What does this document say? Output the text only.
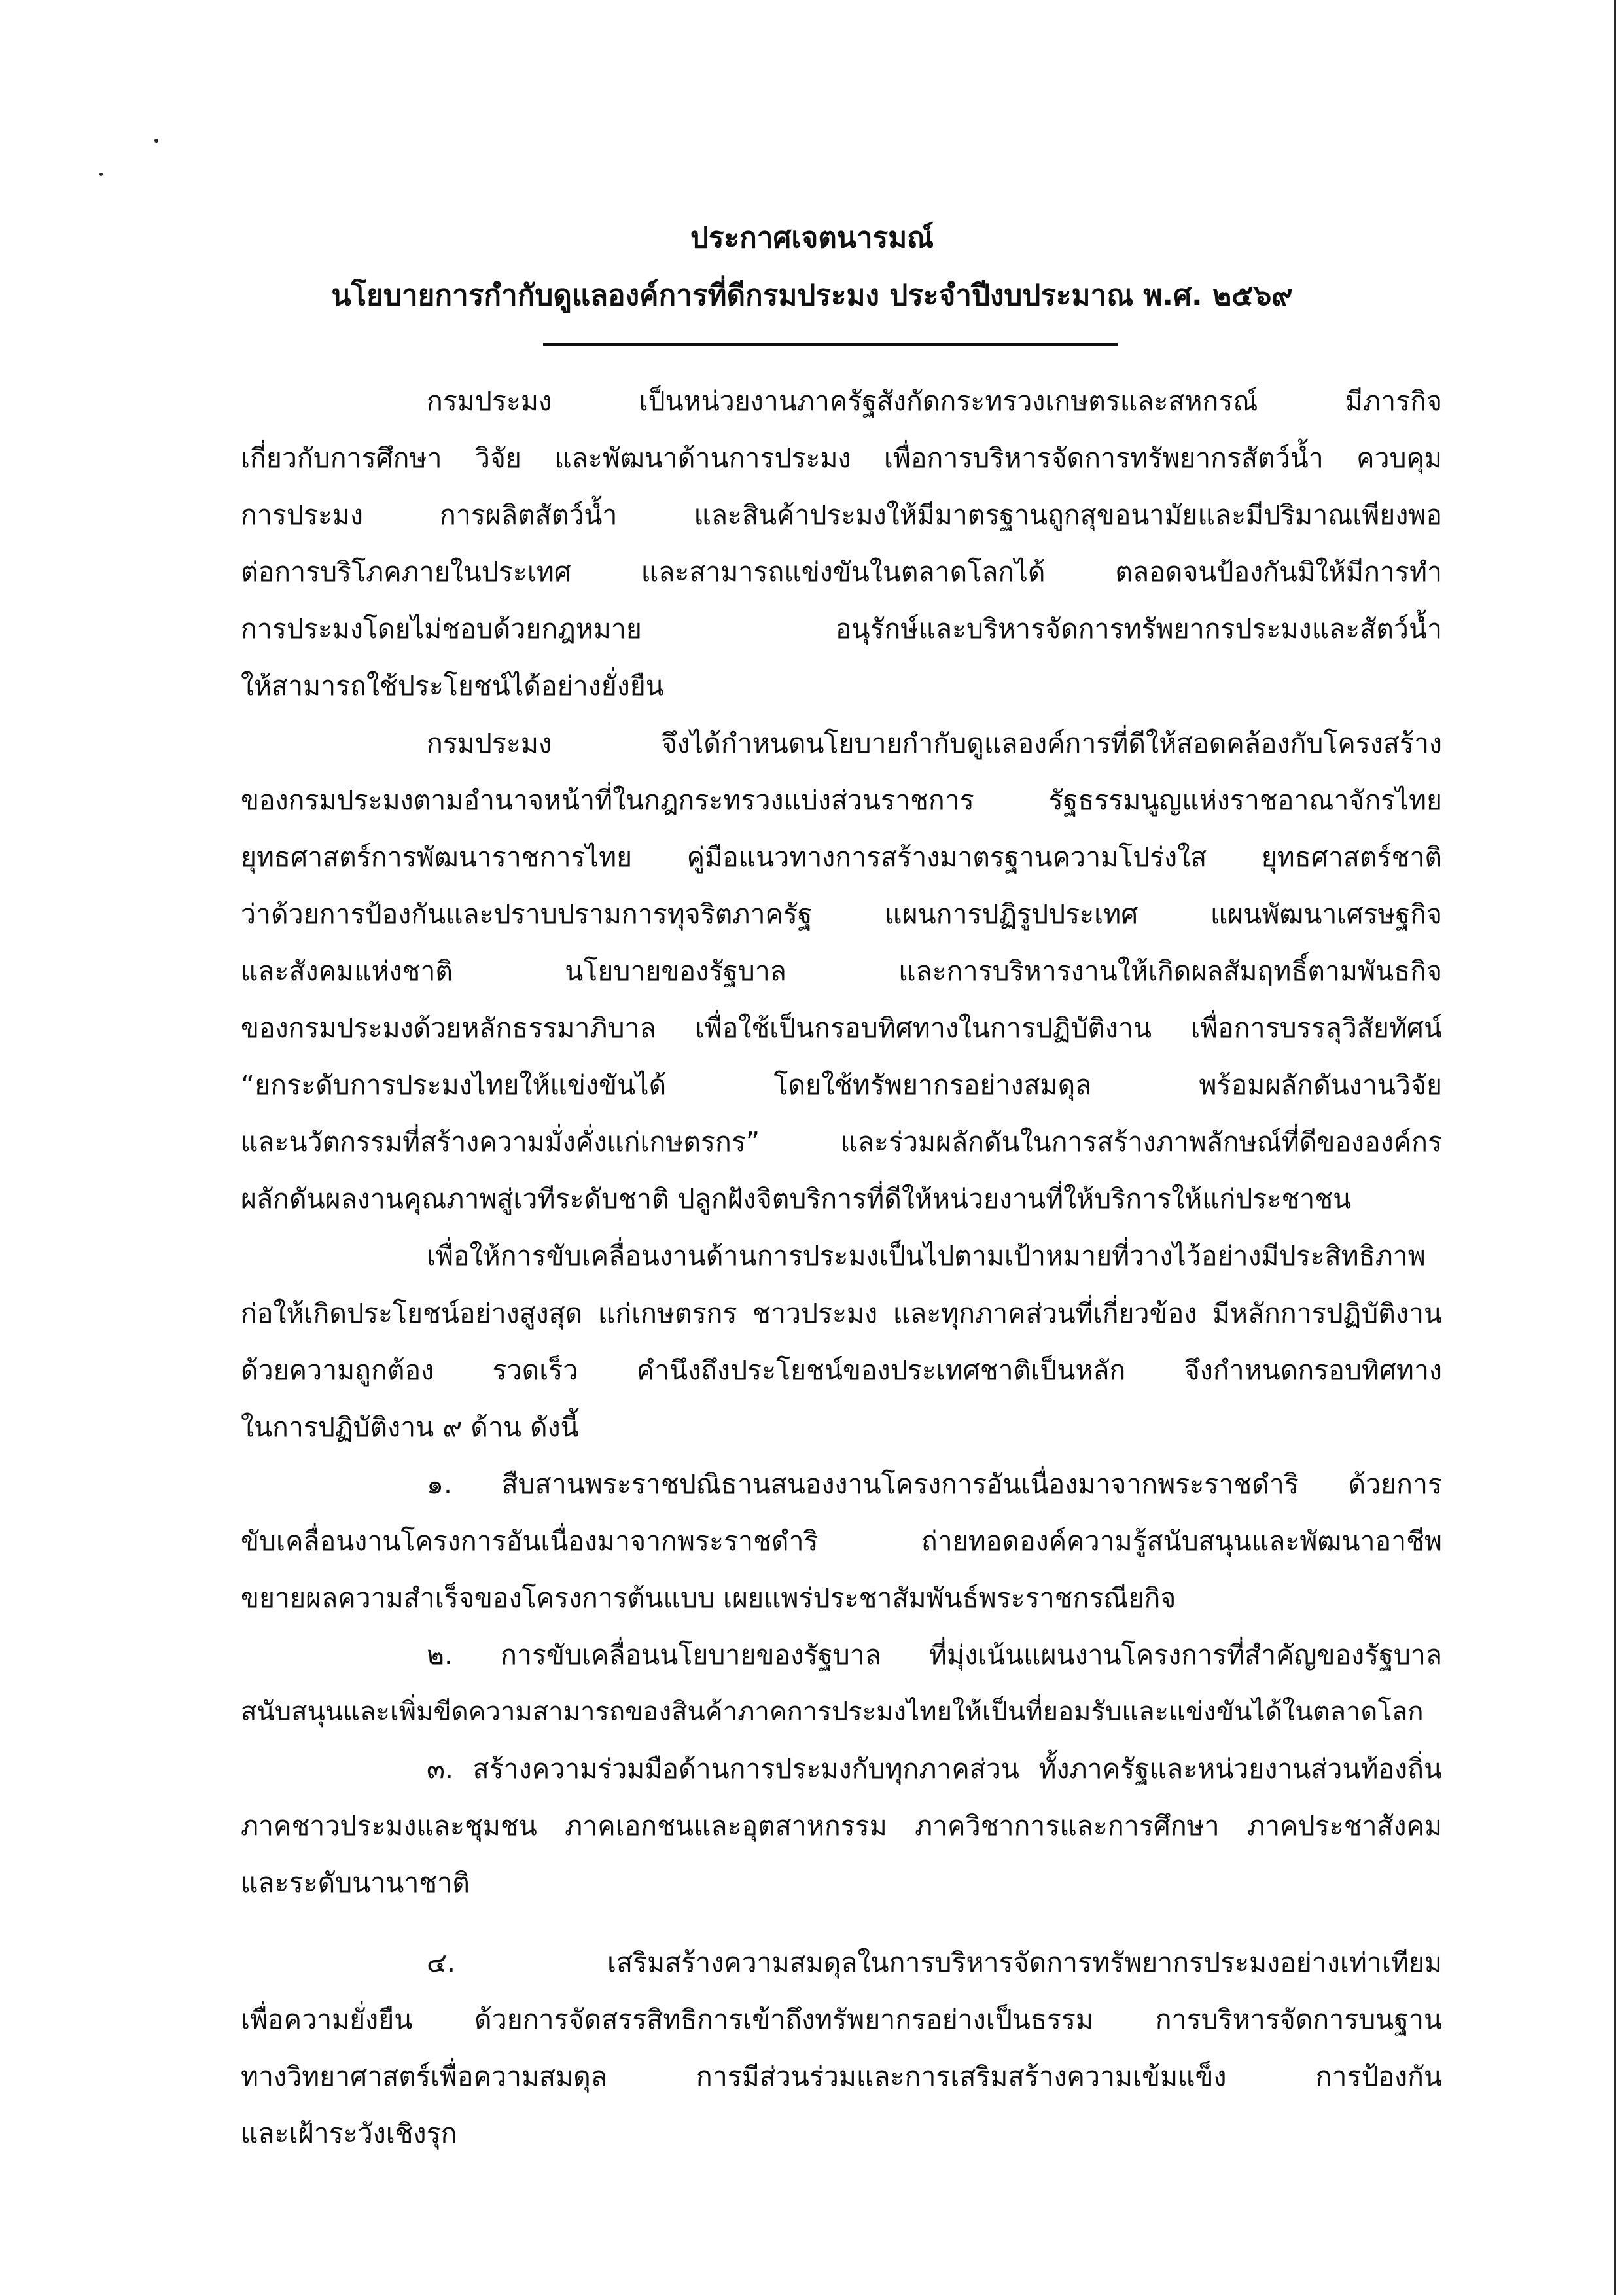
ประกาศเจตนารมณ์
นโยบายการกำกับดูแลองค์การที่ดีกรมประมง ประจำปีงบประมาณ พ.ศ. ๒๕๖๙
กรมประมง เป็นหน่วยงานภาครัฐสังกัดกระทรวงเกษตรและสหกรณ์ มีภารกิจ
เกี่ยวกับการศึกษา วิจัย และพัฒนาด้านการประมง เพื่อการบริหารจัดการทรัพยากรสัตว์น้ำ ควบคุม
การประมง การผลิตสัตว์น้ำ และสินค้าประมงให้มีมาตรฐานถูกสุขอนามัยและมีปริมาณเพียงพอ
ต่อการบริโภคภายในประเทศ และสามารถแข่งขันในตลาดโลกได้ ตลอดจนป้องกันมิให้มีการทำ
การประมงโดยไม่ชอบด้วยกฎหมาย อนุรักษ์และบริหารจัดการทรัพยากรประมงและสัตว์น้ำ
ให้สามารถใช้ประโยชน์ได้อย่างยั่งยืน
กรมประมง จึงได้กำหนดนโยบายกำกับดูแลองค์การที่ดีให้สอดคล้องกับโครงสร้าง
ของกรมประมงตามอำนาจหน้าที่ในกฎกระทรวงแบ่งส่วนราชการ รัฐธรรมนูญแห่งราชอาณาจักรไทย
ยุทธศาสตร์การพัฒนาราชการไทย คู่มือแนวทางการสร้างมาตรฐานความโปร่งใส ยุทธศาสตร์ชาติ
ว่าด้วยการป้องกันและปราบปรามการทุจริตภาครัฐ แผนการปฏิรูปประเทศ แผนพัฒนาเศรษฐกิจ
และสังคมแห่งชาติ นโยบายของรัฐบาล และการบริหารงานให้เกิดผลสัมฤทธิ์ตามพันธกิจ
ของกรมประมงด้วยหลักธรรมาภิบาล เพื่อใช้เป็นกรอบทิศทางในการปฏิบัติงาน เพื่อการบรรลุวิสัยทัศน์
“ยกระดับการประมงไทยให้แข่งขันได้ โดยใช้ทรัพยากรอย่างสมดุล พร้อมผลักดันงานวิจัย
และนวัตกรรมที่สร้างความมั่งคั่งแก่เกษตรกร” และร่วมผลักดันในการสร้างภาพลักษณ์ที่ดีขององค์กร
ผลักดันผลงานคุณภาพสู่เวทีระดับชาติ ปลูกฝังจิตบริการที่ดีให้หน่วยงานที่ให้บริการให้แก่ประชาชน
เพื่อให้การขับเคลื่อนงานด้านการประมงเป็นไปตามเป้าหมายที่วางไว้อย่างมีประสิทธิภาพ
ก่อให้เกิดประโยชน์อย่างสูงสุด แก่เกษตรกร ชาวประมง และทุกภาคส่วนที่เกี่ยวข้อง มีหลักการปฏิบัติงาน
ด้วยความถูกต้อง รวดเร็ว คำนึงถึงประโยชน์ของประเทศชาติเป็นหลัก จึงกำหนดกรอบทิศทาง
ในการปฏิบัติงาน ๙ ด้าน ดังนี้
๑. สืบสานพระราชปณิธานสนองงานโครงการอันเนื่องมาจากพระราชดำริ ด้วยการ
ขับเคลื่อนงานโครงการอันเนื่องมาจากพระราชดำริ ถ่ายทอดองค์ความรู้สนับสนุนและพัฒนาอาชีพ
ขยายผลความสำเร็จของโครงการต้นแบบ เผยแพร่ประชาสัมพันธ์พระราชกรณียกิจ
๒. การขับเคลื่อนนโยบายของรัฐบาล ที่มุ่งเน้นแผนงานโครงการที่สำคัญของรัฐบาล
สนับสนุนและเพิ่มขีดความสามารถของสินค้าภาคการประมงไทยให้เป็นที่ยอมรับและแข่งขันได้ในตลาดโลก
๓. สร้างความร่วมมือด้านการประมงกับทุกภาคส่วน ทั้งภาครัฐและหน่วยงานส่วนท้องถิ่น
ภาคชาวประมงและชุมชน ภาคเอกชนและอุตสาหกรรม ภาควิชาการและการศึกษา ภาคประชาสังคม
และระดับนานาชาติ
๔. เสริมสร้างความสมดุลในการบริหารจัดการทรัพยากรประมงอย่างเท่าเทียม
เพื่อความยั่งยืน ด้วยการจัดสรรสิทธิการเข้าถึงทรัพยากรอย่างเป็นธรรม การบริหารจัดการบนฐาน
ทางวิทยาศาสตร์เพื่อความสมดุล การมีส่วนร่วมและการเสริมสร้างความเข้มแข็ง การป้องกัน
และเฝ้าระวังเชิงรุก
